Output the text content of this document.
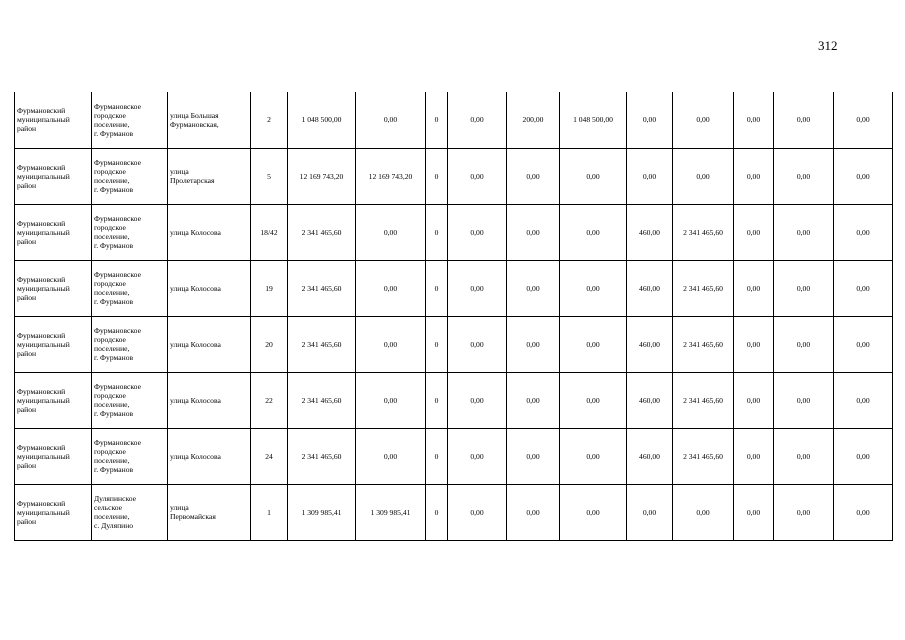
312
Фурмановский
муниципальный
район	Фурмановское
городское
поселение,
г. Фурманов	улица Большая
Фурмановская,	2	1 048 500,00	0,00	0	0,00	200,00	1 048 500,00	0,00	0,00	0,00	0,00	0,00

Фурмановский
муниципальный
район	Фурмановское
городское
поселение,
г. Фурманов	улица
Пролетарская	5	12 169 743,20	12 169 743,20	0	0,00	0,00	0,00	0,00	0,00	0,00	0,00	0,00

Фурмановский
муниципальный
район	Фурмановское
городское
поселение,
г. Фурманов	улица Колосова	18/42	2 341 465,60	0,00	0	0,00	0,00	0,00	460,00	2 341 465,60	0,00	0,00	0,00

Фурмановский
муниципальный
район	Фурмановское
городское
поселение,
г. Фурманов	улица Колосова	19	2 341 465,60	0,00	0	0,00	0,00	0,00	460,00	2 341 465,60	0,00	0,00	0,00

Фурмановский
муниципальный
район	Фурмановское
городское
поселение,
г. Фурманов	улица Колосова	20	2 341 465,60	0,00	0	0,00	0,00	0,00	460,00	2 341 465,60	0,00	0,00	0,00

Фурмановский
муниципальный
район	Фурмановское
городское
поселение,
г. Фурманов	улица Колосова	22	2 341 465,60	0,00	0	0,00	0,00	0,00	460,00	2 341 465,60	0,00	0,00	0,00

Фурмановский
муниципальный
район	Фурмановское
городское
поселение,
г. Фурманов	улица Колосова	24	2 341 465,60	0,00	0	0,00	0,00	0,00	460,00	2 341 465,60	0,00	0,00	0,00

Фурмановский
муниципальный
район	Дуляпинское
сельское
поселение,
с. Дуляпино	улица
Первомайская	1	1 309 985,41	1 309 985,41	0	0,00	0,00	0,00	0,00	0,00	0,00	0,00	0,00
